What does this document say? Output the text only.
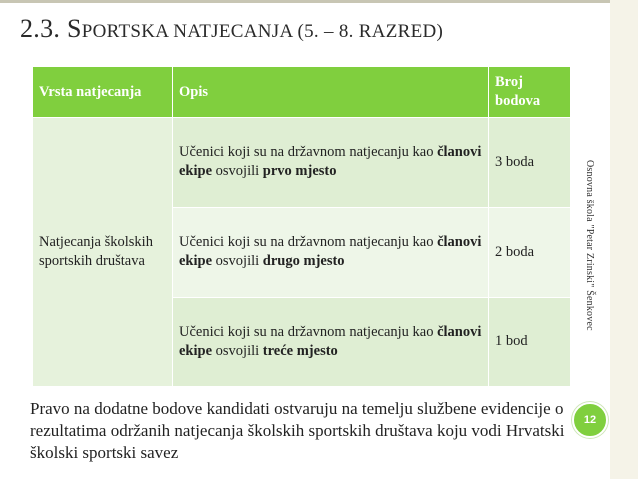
2.3. SPORTSKA NATJECANJA (5. – 8. RAZRED)
Vrsta natjecanja	Opis	Broj bodova
Natjecanja školskih sportskih društava	Učenici koji su na državnom natjecanju kao članovi ekipe osvojili prvo mjesto	3 boda
	Učenici koji su na državnom natjecanju kao članovi ekipe osvojili drugo mjesto	2 boda
	Učenici koji su na državnom natjecanju kao članovi ekipe osvojili treće mjesto	1 bod
Pravo na dodatne bodove kandidati ostvaruju na temelju službene evidencije o rezultatima održanih natjecanja školskih sportskih društava koju vodi Hrvatski školski sportski savez
Osnovna škola "Petar Zrinski" Šenkovec
12
